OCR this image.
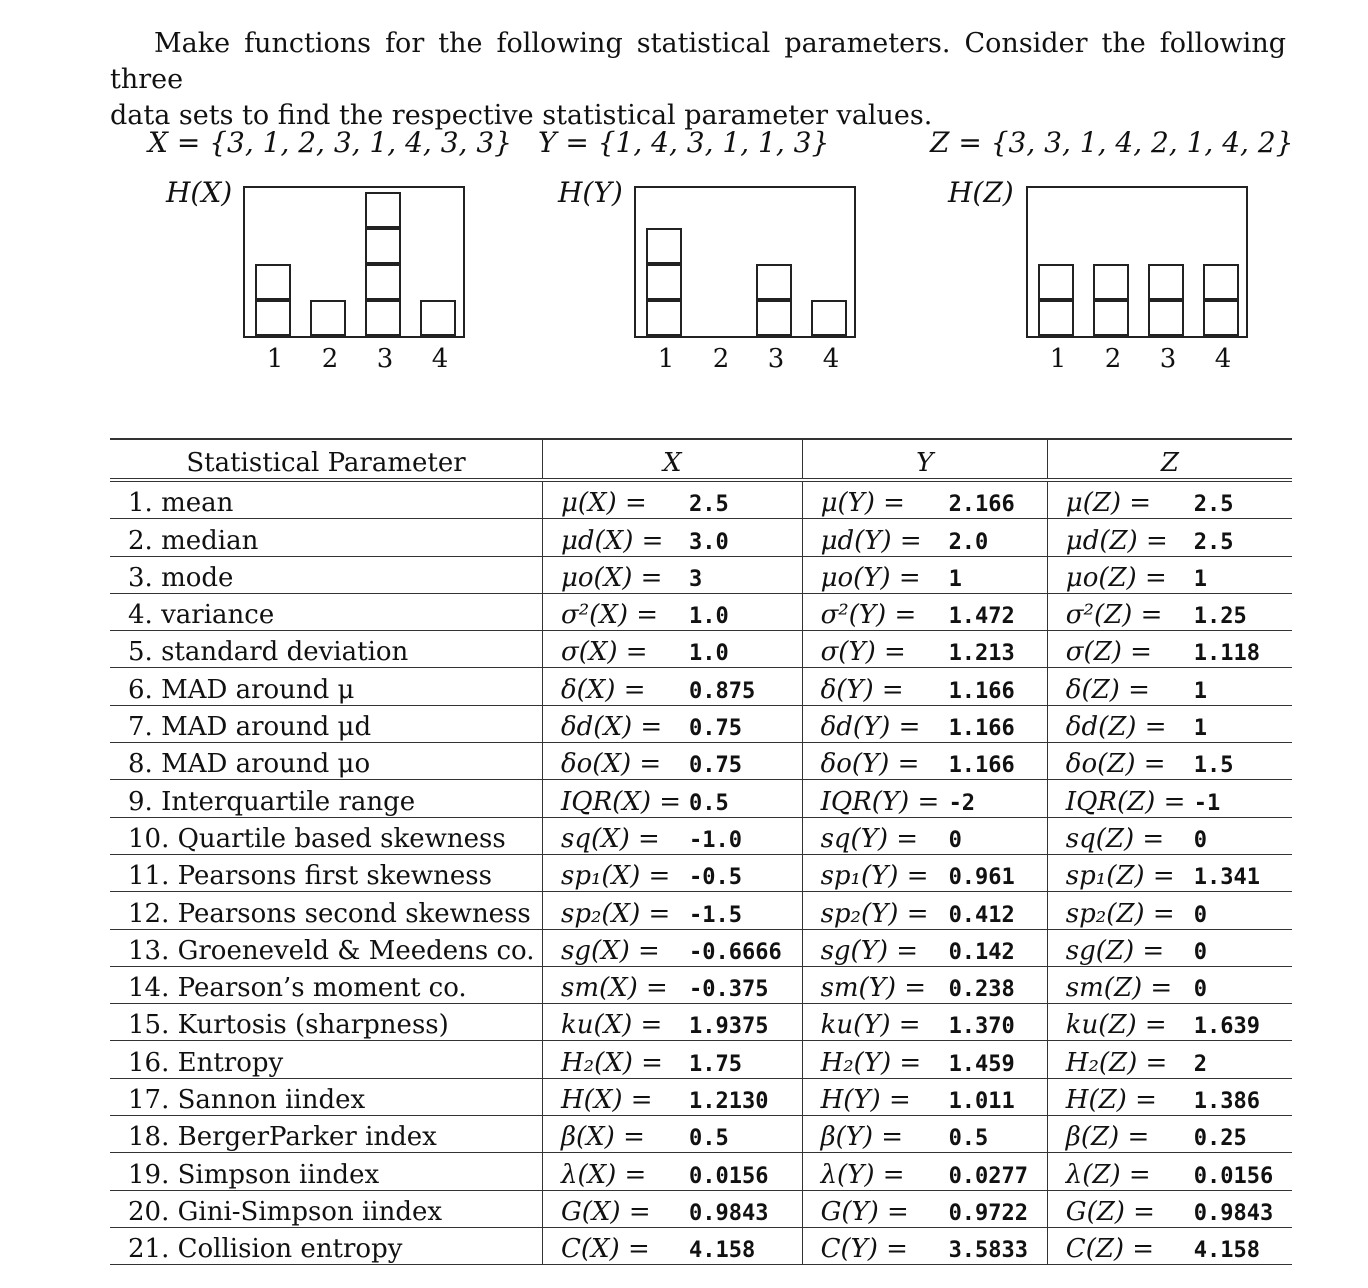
Make functions for the following statistical parameters. Consider the following three

data sets to find the respective statistical parameter values.

X = {3, 1, 2, 3, 1, 4, 3, 3} Y = {1, 4, 3, 1, 1, 3}	Z = {3, 3, 1, 4, 2, 1, 4, 2}
H(X)	H(Y)	H(Z)
1 2 3 4	1 2 3 4	1 2 3 4
Statistical Parameter	X	Y	Z
1. mean	μ(X) = 2.5	μ(Y) = 2.166	μ(Z) = 2.5
2. median	μd(X) = 3.0	μd(Y) = 2.0	μd(Z) = 2.5
3. mode	μo(X) = 3	μo(Y) = 1	μo(Z) = 1
4. variance	σ²(X) = 1.0	σ²(Y) = 1.472	σ²(Z) = 1.25
5. standard deviation	σ(X) = 1.0	σ(Y) = 1.213	σ(Z) = 1.118
6. MAD around μ	δ(X) = 0.875	δ(Y) = 1.166	δ(Z) = 1
7. MAD around μd	δd(X) = 0.75	δd(Y) = 1.166	δd(Z) = 1
8. MAD around μo	δo(X) = 0.75	δo(Y) = 1.166	δo(Z) = 1.5
9. Interquartile range	IQR(X) = 0.5	IQR(Y) = -2	IQR(Z) = -1
10. Quartile based skewness	sq(X) = -1.0	sq(Y) = 0	sq(Z) = 0
11. Pearsons first skewness	sp₁(X) = -0.5	sp₁(Y) = 0.961	sp₁(Z) = 1.341
12. Pearsons second skewness	sp₂(X) = -1.5	sp₂(Y) = 0.412	sp₂(Z) = 0
13. Groeneveld & Meedens co.	sg(X) = -0.6666	sg(Y) = 0.142	sg(Z) = 0
14. Pearson’s moment co.	sm(X) = -0.375	sm(Y) = 0.238	sm(Z) = 0
15. Kurtosis (sharpness)	ku(X) = 1.9375	ku(Y) = 1.370	ku(Z) = 1.639
16. Entropy	H₂(X) = 1.75	H₂(Y) = 1.459	H₂(Z) = 2
17. Sannon iindex	H(X) = 1.2130	H(Y) = 1.011	H(Z) = 1.386
18. BergerParker index	β(X) = 0.5	β(Y) = 0.5	β(Z) = 0.25
19. Simpson iindex	λ(X) = 0.0156	λ(Y) = 0.0277	λ(Z) = 0.0156
20. Gini-Simpson iindex	G(X) = 0.9843	G(Y) = 0.9722	G(Z) = 0.9843
21. Collision entropy	C(X) = 4.158	C(Y) = 3.5833	C(Z) = 4.158
